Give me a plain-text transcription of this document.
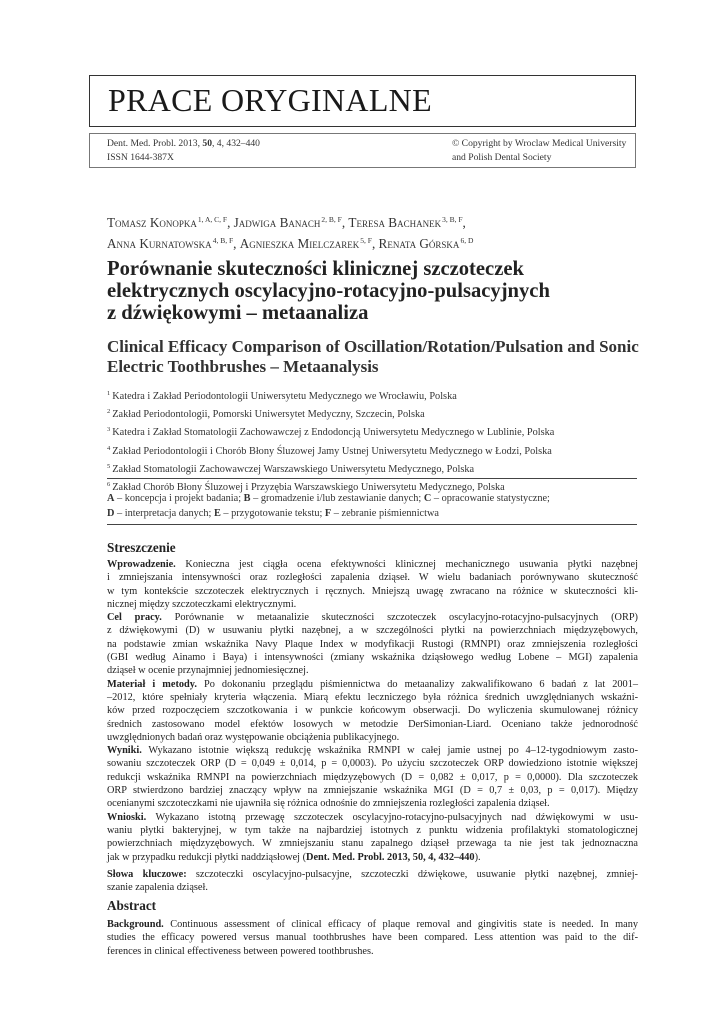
PRACE ORYGINALNE
Dent. Med. Probl. 2013, 50, 4, 432–440
ISSN 1644-387X
© Copyright by Wroclaw Medical University
and Polish Dental Society
Tomasz Konopka$^{1, A, C, F}$, Jadwiga Banach$^{2, B, F}$, Teresa Bachanek$^{3, B, F}$,
Anna Kurnatowska$^{4, B, F}$, Agnieszka Mielczarek$^{5, F}$, Renata Górska$^{6, D}$
Porównanie skuteczności klinicznej szczoteczek
elektrycznych oscylacyjno-rotacyjno-pulsacyjnych
z dźwiękowymi – metaanaliza
Clinical Efficacy Comparison of Oscillation/Rotation/Pulsation and Sonic
Electric Toothbrushes – Metaanalysis
$^1$ Katedra i Zakład Periodontologii Uniwersytetu Medycznego we Wrocławiu, Polska
$^2$ Zakład Periodontologii, Pomorski Uniwersytet Medyczny, Szczecin, Polska
$^3$ Katedra i Zakład Stomatologii Zachowawczej z Endodoncją Uniwersytetu Medycznego w Lublinie, Polska
$^4$ Zakład Periodontologii i Chorób Błony Śluzowej Jamy Ustnej Uniwersytetu Medycznego w Łodzi, Polska
$^5$ Zakład Stomatologii Zachowawczej Warszawskiego Uniwersytetu Medycznego, Polska
$^6$ Zakład Chorób Błony Śluzowej i Przyzębia Warszawskiego Uniwersytetu Medycznego, Polska
A – koncepcja i projekt badania; B – gromadzenie i/lub zestawianie danych; C – opracowanie statystyczne;
D – interpretacja danych; E – przygotowanie tekstu; F – zebranie piśmiennictwa
Streszczenie
Wprowadzenie. Konieczna jest ciągła ocena efektywności klinicznej mechanicznego usuwania płytki nazębnej
i zmniejszania intensywności oraz rozległości zapalenia dziąseł. W wielu badaniach porównywano skuteczność
w tym kontekście szczoteczek elektrycznych i ręcznych. Mniejszą uwagę zwracano na różnice w skuteczności kli-
nicznej między szczoteczkami elektrycznymi.
Cel pracy. Porównanie w metaanalizie skuteczności szczoteczek oscylacyjno-rotacyjno-pulsacyjnych (ORP)
z dźwiękowymi (D) w usuwaniu płytki nazębnej, a w szczególności płytki na powierzchniach międzyzębowych,
na podstawie zmian wskaźnika Navy Plaque Index w modyfikacji Rustogi (RMNPI) oraz zmniejszenia rozległości
(GBI według Ainamo i Baya) i intensywności (zmiany wskaźnika dziąsłowego według Lobene – MGI) zapalenia
dziąseł w ocenie przynajmniej jednomiesięcznej.
Materiał i metody. Po dokonaniu przeglądu piśmiennictwa do metaanalizy zakwalifikowano 6 badań z lat 2001–
–2012, które spełniały kryteria włączenia. Miarą efektu leczniczego była różnica średnich uwzględnianych wskaźni-
ków przed rozpoczęciem szczotkowania i w punkcie końcowym obserwacji. Do wyliczenia skumulowanej różnicy
średnich zastosowano model efektów losowych w metodzie DerSimonian-Liard. Oceniano także jednorodność
uwzględnionych badań oraz występowanie obciążenia publikacyjnego.
Wyniki. Wykazano istotnie większą redukcję wskaźnika RMNPI w całej jamie ustnej po 4–12-tygodniowym zasto-
sowaniu szczoteczek ORP (D = 0,049 ± 0,014, p = 0,0003). Po użyciu szczoteczek ORP dowiedziono istotnie większej
redukcji wskaźnika RMNPI na powierzchniach międzyzębowych (D = 0,082 ± 0,017, p = 0,0000). Dla szczoteczek
ORP stwierdzono bardziej znaczący wpływ na zmniejszanie wskaźnika MGI (D = 0,7 ± 0,03, p = 0,017). Między
ocenianymi szczoteczkami nie ujawniła się różnica odnośnie do zmniejszenia rozległości zapalenia dziąseł.
Wnioski. Wykazano istotną przewagę szczoteczek oscylacyjno-rotacyjno-pulsacyjnych nad dźwiękowymi w usu-
waniu płytki bakteryjnej, w tym także na najbardziej istotnych z punktu widzenia profilaktyki stomatologicznej
powierzchniach międzyzębowych. W zmniejszaniu stanu zapalnego dziąseł przewaga ta nie jest tak jednoznaczna
jak w przypadku redukcji płytki naddziąsłowej (Dent. Med. Probl. 2013, 50, 4, 432–440).
Słowa kluczowe: szczoteczki oscylacyjno-pulsacyjne, szczoteczki dźwiękowe, usuwanie płytki nazębnej, zmniej-
szanie zapalenia dziąseł.
Abstract
Background. Continuous assessment of clinical efficacy of plaque removal and gingivitis state is needed. In many
studies the efficacy powered versus manual toothbrushes have been compared. Less attention was paid to the dif-
ferences in clinical effectiveness between powered toothbrushes.
